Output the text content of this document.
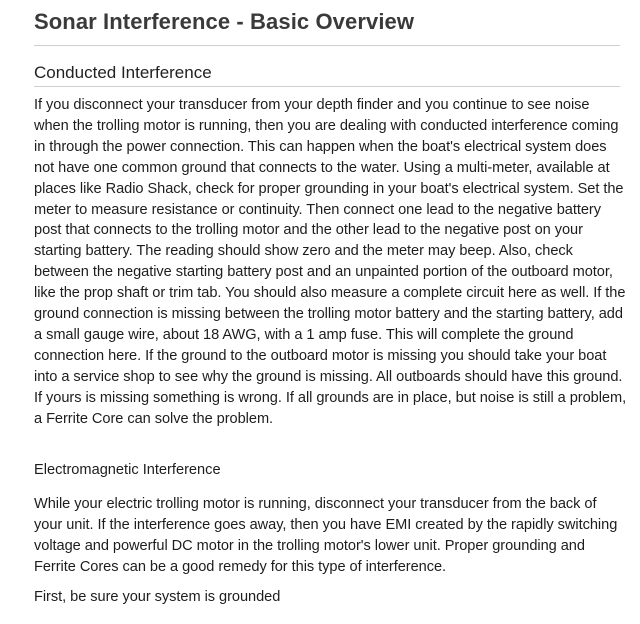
Sonar Interference - Basic Overview
Conducted Interference

If you disconnect your transducer from your depth finder and you continue to see noise when the trolling motor is running, then you are dealing with conducted interference coming in through the power connection. This can happen when the boat's electrical system does not have one common ground that connects to the water. Using a multi-meter, available at places like Radio Shack, check for proper grounding in your boat's electrical system. Set the meter to measure resistance or continuity. Then connect one lead to the negative battery post that connects to the trolling motor and the other lead to the negative post on your starting battery. The reading should show zero and the meter may beep. Also, check between the negative starting battery post and an unpainted portion of the outboard motor, like the prop shaft or trim tab. You should also measure a complete circuit here as well. If the ground connection is missing between the trolling motor battery and the starting battery, add a small gauge wire, about 18 AWG, with a 1 amp fuse. This will complete the ground connection here. If the ground to the outboard motor is missing you should take your boat into a service shop to see why the ground is missing. All outboards should have this ground. If yours is missing something is wrong. If all grounds are in place, but noise is still a problem, a Ferrite Core can solve the problem.

Electromagnetic Interference

While your electric trolling motor is running, disconnect your transducer from the back of your unit. If the interference goes away, then you have EMI created by the rapidly switching voltage and powerful DC motor in the trolling motor's lower unit. Proper grounding and Ferrite Cores can be a good remedy for this type of interference.

First, be sure your system is grounded
